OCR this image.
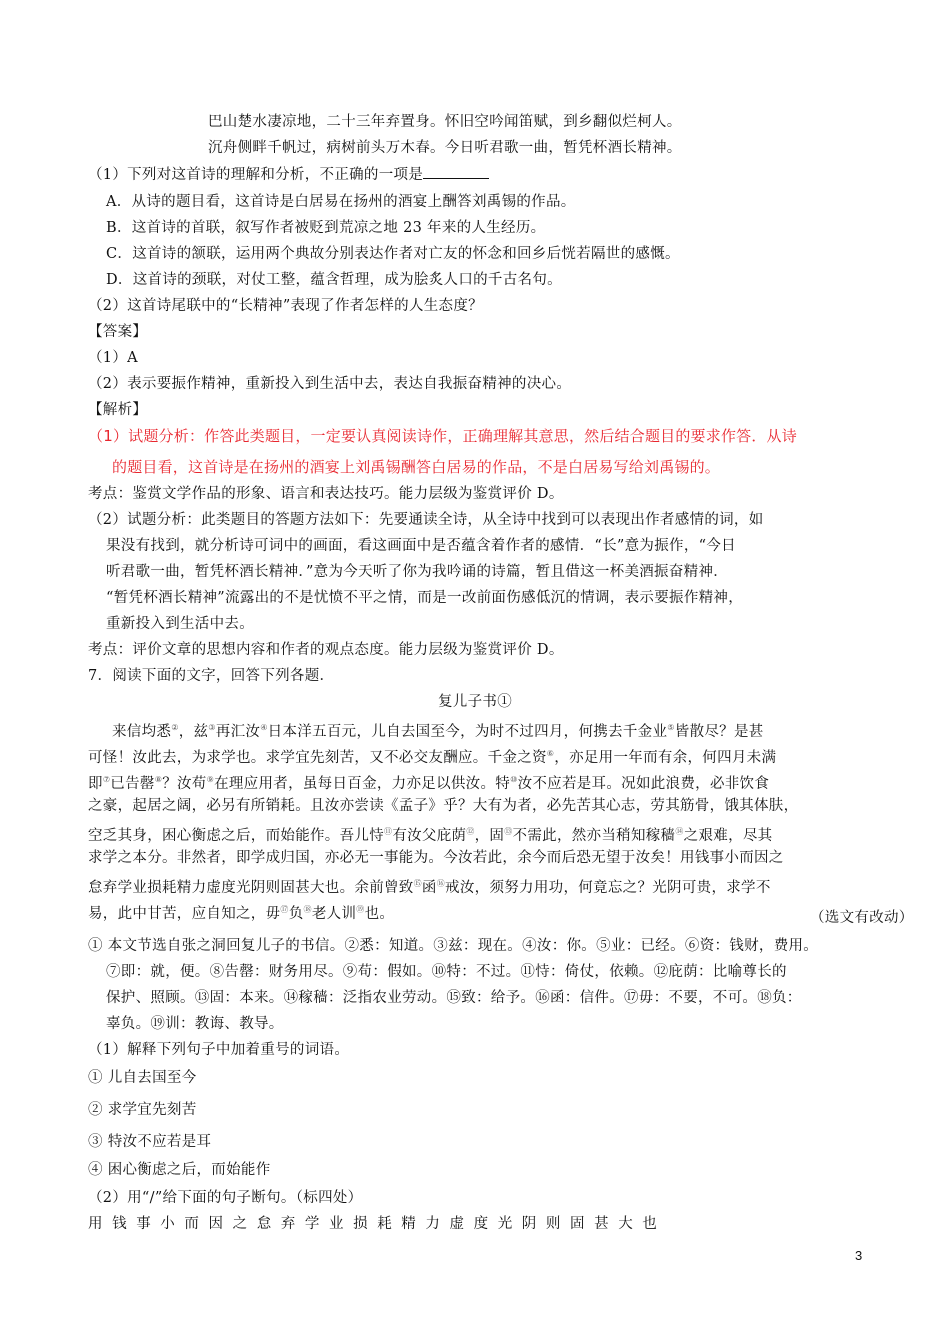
巴山楚水凄凉地，二十三年弃置身。怀旧空吟闻笛赋，到乡翻似烂柯人。
沉舟侧畔千帆过，病树前头万木春。今日听君歌一曲，暂凭杯酒长精神。
（1）下列对这首诗的理解和分析，不正确的一项是
A．从诗的题目看，这首诗是白居易在扬州的酒宴上酬答刘禹锡的作品。
B．这首诗的首联，叙写作者被贬到荒凉之地 23 年来的人生经历。
C．这首诗的颔联，运用两个典故分别表达作者对亡友的怀念和回乡后恍若隔世的感慨。
D．这首诗的颈联，对仗工整，蕴含哲理，成为脍炙人口的千古名句。
（2）这首诗尾联中的“长精神”表现了作者怎样的人生态度？
【答案】
（1）A
（2）表示要振作精神，重新投入到生活中去，表达自我振奋精神的决心。
【解析】
（1）试题分析：作答此类题目，一定要认真阅读诗作，正确理解其意思，然后结合题目的要求作答．从诗
的题目看，这首诗是在扬州的酒宴上刘禹锡酬答白居易的作品，不是白居易写给刘禹锡的。
考点：鉴赏文学作品的形象、语言和表达技巧。能力层级为鉴赏评价 D。
（2）试题分析：此类题目的答题方法如下：先要通读全诗，从全诗中找到可以表现出作者感情的词，如
果没有找到，就分析诗可词中的画面，看这画面中是否蕴含着作者的感情．“长”意为振作，“今日
听君歌一曲，暂凭杯酒长精神．”意为今天听了你为我吟诵的诗篇，暂且借这一杯美酒振奋精神．
“暂凭杯酒长精神”流露出的不是忧愤不平之情，而是一改前面伤感低沉的情调，表示要振作精神，
重新投入到生活中去。
考点：评价文章的思想内容和作者的观点态度。能力层级为鉴赏评价 D。
7．阅读下面的文字，回答下列各题．
复儿子书①
来信均悉②，兹③再汇汝④日本洋五百元，儿自去国至今，为时不过四月，何携去千金业⑤皆散尽？是甚
可怪！汝此去，为求学也。求学宜先刻苦，又不必交友酬应。千金之资⑥，亦足用一年而有余，何四月未满
即⑦已告罄⑧？汝苟⑨在理应用者，虽每日百金，力亦足以供汝。特⑩汝不应若是耳。况如此浪费，必非饮食
之豪，起居之阔，必另有所销耗。且汝亦尝读《孟子》乎？大有为者，必先苦其心志，劳其筋骨，饿其体肤，
空乏其身，困心衡虑之后，而始能作。吾儿恃⑪有汝父庇荫⑫，固⑬不需此，然亦当稍知稼穑⑭之艰难，尽其
求学之本分。非然者，即学成归国，亦必无一事能为。今汝若此，余今而后恐无望于汝矣！用钱事小而因之
怠弃学业损耗精力虚度光阴则固甚大也。余前曾致⑮函⑯戒汝，须努力用功，何竟忘之？光阴可贵，求学不
易，此中甘苦，应自知之，毋⑰负⑱老人训⑲也。	（选文有改动）
① 本文节选自张之洞回复儿子的书信。②悉：知道。③兹：现在。④汝：你。⑤业：已经。⑥资：钱财，费用。
⑦即：就，便。⑧告罄：财务用尽。⑨苟：假如。⑩特：不过。⑪恃：倚仗，依赖。⑫庇荫：比喻尊长的
保护、照顾。⑬固：本来。⑭稼穑：泛指农业劳动。⑮致：给予。⑯函：信件。⑰毋：不要，不可。⑱负：
辜负。⑲训：教诲、教导。
（1）解释下列句子中加着重号的词语。
① 儿自去国至今
② 求学宜先刻苦
③ 特汝不应若是耳
④ 困心衡虑之后，而始能作
（2）用“/”给下面的句子断句。（标四处）
用钱事小而因之怠弃学业损耗精力虚度光阴则固甚大也
3
